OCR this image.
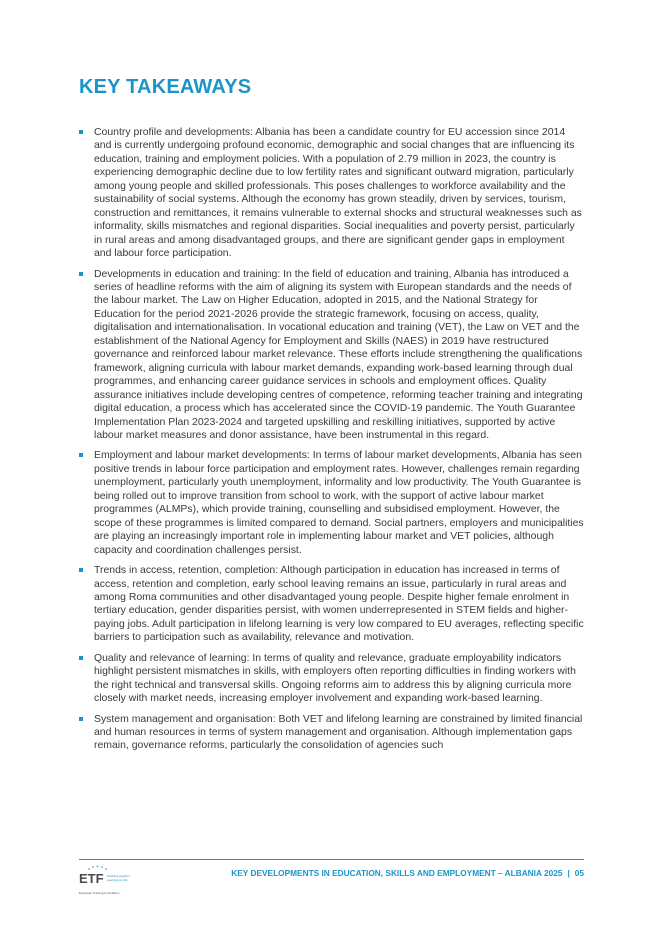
KEY TAKEAWAYS
Country profile and developments: Albania has been a candidate country for EU accession since 2014 and is currently undergoing profound economic, demographic and social changes that are influencing its education, training and employment policies. With a population of 2.79 million in 2023, the country is experiencing demographic decline due to low fertility rates and significant outward migration, particularly among young people and skilled professionals. This poses challenges to workforce availability and the sustainability of social systems. Although the economy has grown steadily, driven by services, tourism, construction and remittances, it remains vulnerable to external shocks and structural weaknesses such as informality, skills mismatches and regional disparities. Social inequalities and poverty persist, particularly in rural areas and among disadvantaged groups, and there are significant gender gaps in employment and labour force participation.
Developments in education and training: In the field of education and training, Albania has introduced a series of headline reforms with the aim of aligning its system with European standards and the needs of the labour market. The Law on Higher Education, adopted in 2015, and the National Strategy for Education for the period 2021-2026 provide the strategic framework, focusing on access, quality, digitalisation and internationalisation. In vocational education and training (VET), the Law on VET and the establishment of the National Agency for Employment and Skills (NAES) in 2019 have restructured governance and reinforced labour market relevance. These efforts include strengthening the qualifications framework, aligning curricula with labour market demands, expanding work-based learning through dual programmes, and enhancing career guidance services in schools and employment offices. Quality assurance initiatives include developing centres of competence, reforming teacher training and integrating digital education, a process which has accelerated since the COVID-19 pandemic. The Youth Guarantee Implementation Plan 2023-2024 and targeted upskilling and reskilling initiatives, supported by active labour market measures and donor assistance, have been instrumental in this regard.
Employment and labour market developments: In terms of labour market developments, Albania has seen positive trends in labour force participation and employment rates. However, challenges remain regarding unemployment, particularly youth unemployment, informality and low productivity. The Youth Guarantee is being rolled out to improve transition from school to work, with the support of active labour market programmes (ALMPs), which provide training, counselling and subsidised employment. However, the scope of these programmes is limited compared to demand. Social partners, employers and municipalities are playing an increasingly important role in implementing labour market and VET policies, although capacity and coordination challenges persist.
Trends in access, retention, completion: Although participation in education has increased in terms of access, retention and completion, early school leaving remains an issue, particularly in rural areas and among Roma communities and other disadvantaged young people. Despite higher female enrolment in tertiary education, gender disparities persist, with women underrepresented in STEM fields and higher-paying jobs. Adult participation in lifelong learning is very low compared to EU averages, reflecting specific barriers to participation such as availability, relevance and motivation.
Quality and relevance of learning: In terms of quality and relevance, graduate employability indicators highlight persistent mismatches in skills, with employers often reporting difficulties in finding workers with the right technical and transversal skills. Ongoing reforms aim to address this by aligning curricula more closely with market needs, increasing employer involvement and expanding work-based learning.
System management and organisation: Both VET and lifelong learning are constrained by limited financial and human resources in terms of system management and organisation. Although implementation gaps remain, governance reforms, particularly the consolidation of agencies such
ETF Working together
Learning for life
European Training Foundation
KEY DEVELOPMENTS IN EDUCATION, SKILLS AND EMPLOYMENT – ALBANIA 2025 | 05
